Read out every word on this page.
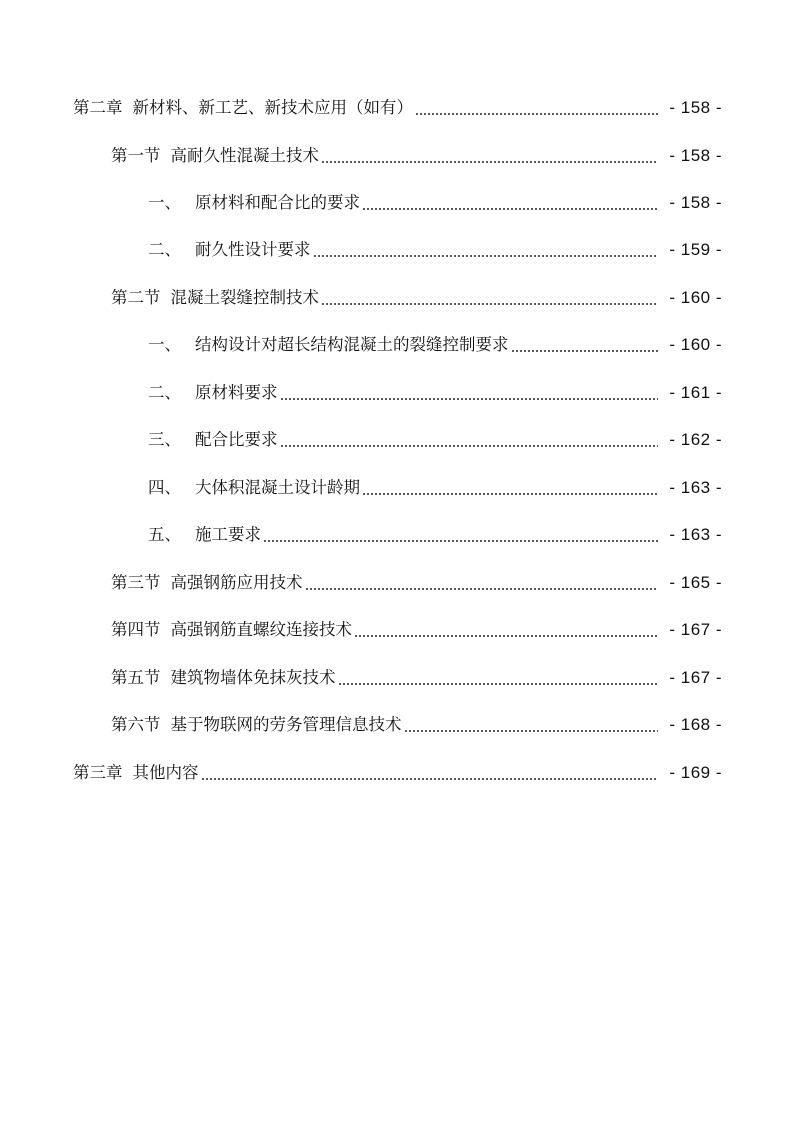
第二章 新材料、新工艺、新技术应用（如有）	- 158 -
第一节 高耐久性混凝土技术	- 158 -
一、 原材料和配合比的要求	- 158 -
二、 耐久性设计要求	- 159 -
第二节 混凝土裂缝控制技术	- 160 -
一、 结构设计对超长结构混凝土的裂缝控制要求	- 160 -
二、 原材料要求	- 161 -
三、 配合比要求	- 162 -
四、 大体积混凝土设计龄期	- 163 -
五、 施工要求	- 163 -
第三节 高强钢筋应用技术	- 165 -
第四节 高强钢筋直螺纹连接技术	- 167 -
第五节 建筑物墙体免抹灰技术	- 167 -
第六节 基于物联网的劳务管理信息技术	- 168 -
第三章 其他内容	- 169 -
